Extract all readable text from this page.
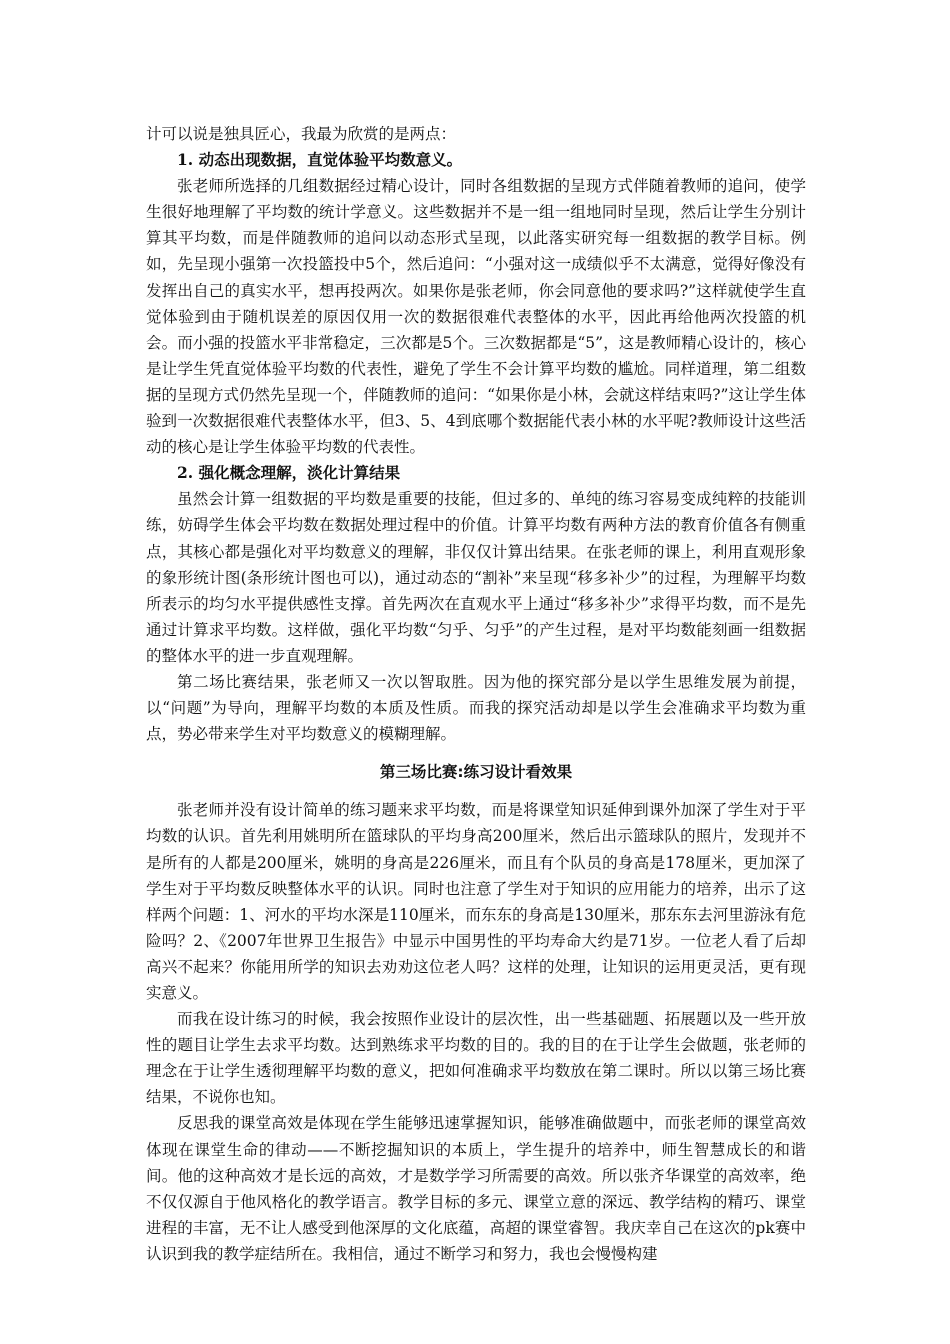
计可以说是独具匠心，我最为欣赏的是两点：

1. 动态出现数据，直觉体验平均数意义。

张老师所选择的几组数据经过精心设计，同时各组数据的呈现方式伴随着教师的追问，使学生很好地理解了平均数的统计学意义。这些数据并不是一组一组地同时呈现，然后让学生分别计算其平均数，而是伴随教师的追问以动态形式呈现，以此落实研究每一组数据的教学目标。例如，先呈现小强第一次投篮投中5个，然后追问：“小强对这一成绩似乎不太满意，觉得好像没有发挥出自己的真实水平，想再投两次。如果你是张老师，你会同意他的要求吗?”这样就使学生直觉体验到由于随机误差的原因仅用一次的数据很难代表整体的水平，因此再给他两次投篮的机会。而小强的投篮水平非常稳定，三次都是5个。三次数据都是“5”，这是教师精心设计的，核心是让学生凭直觉体验平均数的代表性，避免了学生不会计算平均数的尴尬。同样道理，第二组数据的呈现方式仍然先呈现一个，伴随教师的追问：“如果你是小林，会就这样结束吗?”这让学生体验到一次数据很难代表整体水平，但3、5、4到底哪个数据能代表小林的水平呢?教师设计这些活动的核心是让学生体验平均数的代表性。

2. 强化概念理解，淡化计算结果

虽然会计算一组数据的平均数是重要的技能，但过多的、单纯的练习容易变成纯粹的技能训练，妨碍学生体会平均数在数据处理过程中的价值。计算平均数有两种方法的教育价值各有侧重点，其核心都是强化对平均数意义的理解，非仅仅计算出结果。在张老师的课上，利用直观形象的象形统计图(条形统计图也可以)，通过动态的“割补”来呈现“移多补少”的过程，为理解平均数所表示的均匀水平提供感性支撑。首先两次在直观水平上通过“移多补少”求得平均数，而不是先通过计算求平均数。这样做，强化平均数“匀乎、匀乎”的产生过程，是对平均数能刻画一组数据的整体水平的进一步直观理解。

第二场比赛结果，张老师又一次以智取胜。因为他的探究部分是以学生思维发展为前提，以“问题”为导向，理解平均数的本质及性质。而我的探究活动却是以学生会准确求平均数为重点，势必带来学生对平均数意义的模糊理解。

第三场比赛:练习设计看效果

张老师并没有设计简单的练习题来求平均数，而是将课堂知识延伸到课外加深了学生对于平均数的认识。首先利用姚明所在篮球队的平均身高200厘米，然后出示篮球队的照片，发现并不是所有的人都是200厘米，姚明的身高是226厘米，而且有个队员的身高是178厘米，更加深了学生对于平均数反映整体水平的认识。同时也注意了学生对于知识的应用能力的培养，出示了这样两个问题：1、河水的平均水深是110厘米，而东东的身高是130厘米，那东东去河里游泳有危险吗？2、《2007年世界卫生报告》中显示中国男性的平均寿命大约是71岁。一位老人看了后却高兴不起来？你能用所学的知识去劝劝这位老人吗？这样的处理，让知识的运用更灵活，更有现实意义。

而我在设计练习的时候，我会按照作业设计的层次性，出一些基础题、拓展题以及一些开放性的题目让学生去求平均数。达到熟练求平均数的目的。我的目的在于让学生会做题，张老师的理念在于让学生透彻理解平均数的意义，把如何准确求平均数放在第二课时。所以以第三场比赛结果，不说你也知。

反思我的课堂高效是体现在学生能够迅速掌握知识，能够准确做题中，而张老师的课堂高效体现在课堂生命的律动——不断挖掘知识的本质上，学生提升的培养中，师生智慧成长的和谐间。他的这种高效才是长远的高效，才是数学学习所需要的高效。所以张齐华课堂的高效率，绝不仅仅源自于他风格化的教学语言。教学目标的多元、课堂立意的深远、教学结构的精巧、课堂进程的丰富，无不让人感受到他深厚的文化底蕴，高超的课堂睿智。我庆幸自己在这次的pk赛中认识到我的教学症结所在。我相信，通过不断学习和努力，我也会慢慢构建
